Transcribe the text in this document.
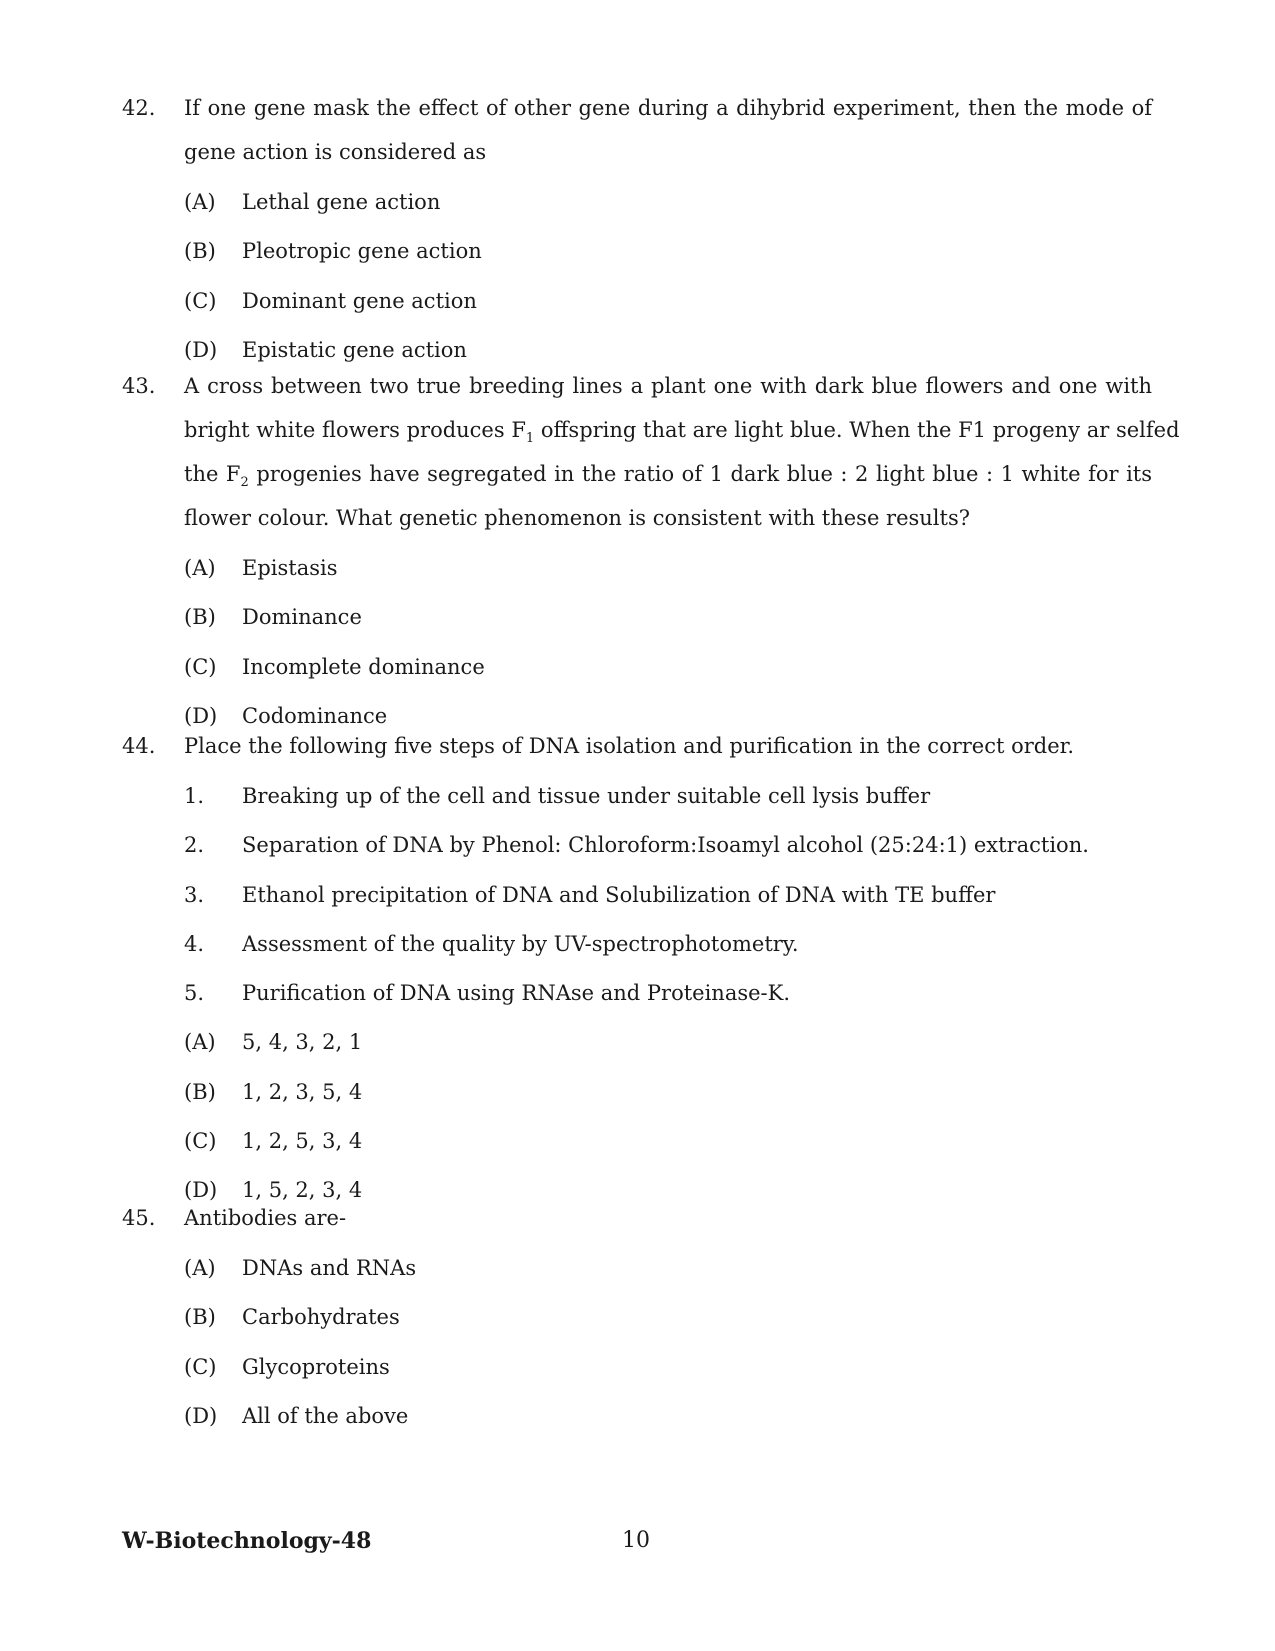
42. If one gene mask the effect of other gene during a dihybrid experiment, then the mode of
gene action is considered as
(A) Lethal gene action
(B) Pleotropic gene action
(C) Dominant gene action
(D) Epistatic gene action
43. A cross between two true breeding lines a plant one with dark blue flowers and one with
bright white flowers produces $F_1$ offspring that are light blue. When the F1 progeny ar selfed
the $F_2$ progenies have segregated in the ratio of 1 dark blue : 2 light blue : 1 white for its
flower colour. What genetic phenomenon is consistent with these results?
(A) Epistasis
(B) Dominance
(C) Incomplete dominance
(D) Codominance
44. Place the following five steps of DNA isolation and purification in the correct order.
1. Breaking up of the cell and tissue under suitable cell lysis buffer
2. Separation of DNA by Phenol: Chloroform:Isoamyl alcohol (25:24:1) extraction.
3. Ethanol precipitation of DNA and Solubilization of DNA with TE buffer
4. Assessment of the quality by UV-spectrophotometry.
5. Purification of DNA using RNAse and Proteinase-K.
(A) 5, 4, 3, 2, 1
(B) 1, 2, 3, 5, 4
(C) 1, 2, 5, 3, 4
(D) 1, 5, 2, 3, 4
45. Antibodies are-
(A) DNAs and RNAs
(B) Carbohydrates
(C) Glycoproteins
(D) All of the above
W-Biotechnology-48	10
